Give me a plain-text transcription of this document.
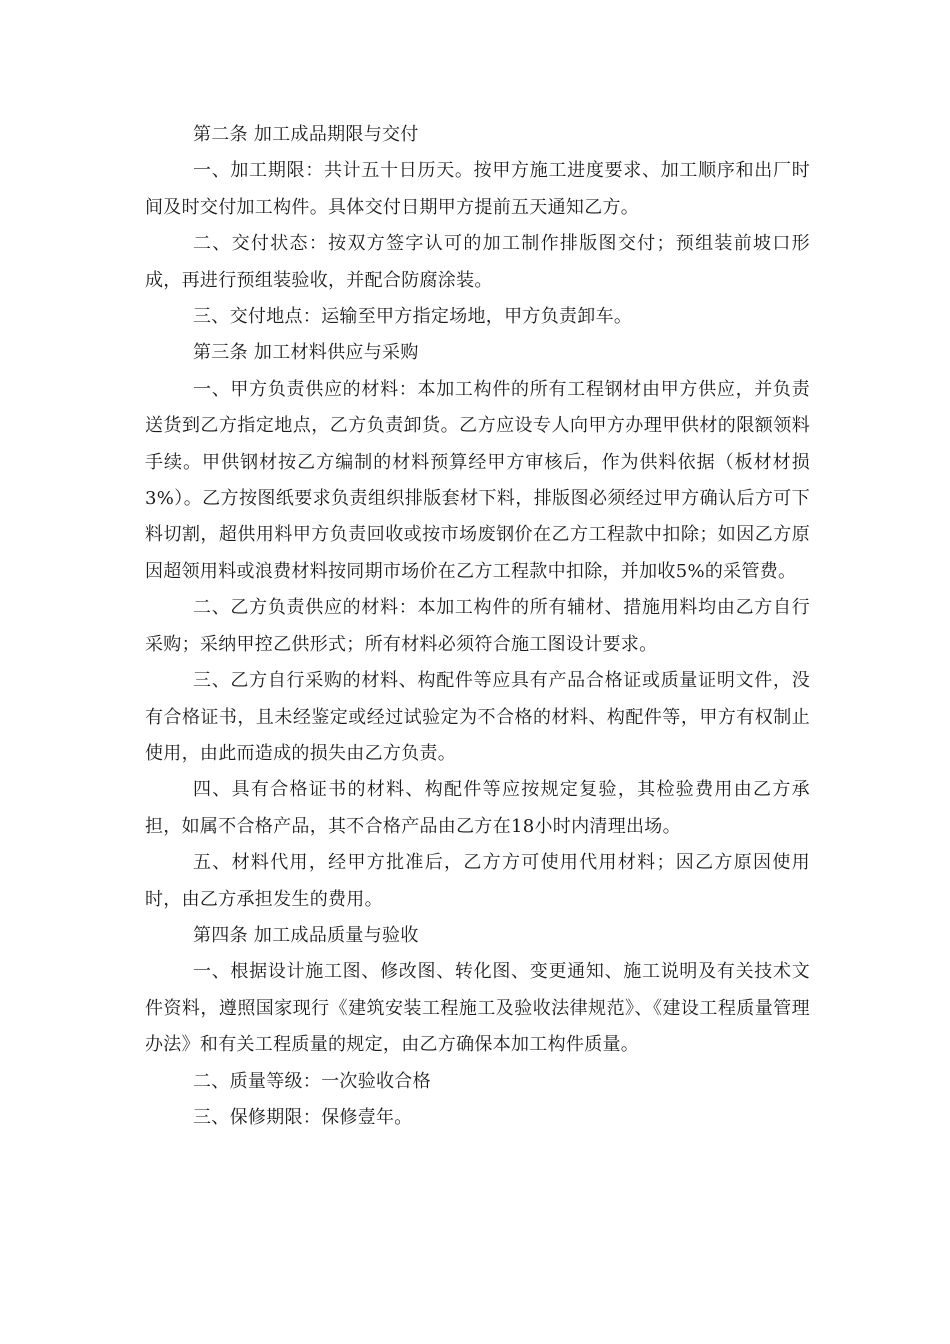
第二条 加工成品期限与交付

一、加工期限：共计五十日历天。按甲方施工进度要求、加工顺序和出厂时间及时交付加工构件。具体交付日期甲方提前五天通知乙方。

二、交付状态：按双方签字认可的加工制作排版图交付；预组装前坡口形成，再进行预组装验收，并配合防腐涂装。

三、交付地点：运输至甲方指定场地，甲方负责卸车。

第三条 加工材料供应与采购

一、甲方负责供应的材料：本加工构件的所有工程钢材由甲方供应，并负责送货到乙方指定地点，乙方负责卸货。乙方应设专人向甲方办理甲供材的限额领料手续。甲供钢材按乙方编制的材料预算经甲方审核后，作为供料依据（板材材损3%）。乙方按图纸要求负责组织排版套材下料，排版图必须经过甲方确认后方可下料切割，超供用料甲方负责回收或按市场废钢价在乙方工程款中扣除；如因乙方原因超领用料或浪费材料按同期市场价在乙方工程款中扣除，并加收5%的采管费。

二、乙方负责供应的材料：本加工构件的所有辅材、措施用料均由乙方自行采购；采纳甲控乙供形式；所有材料必须符合施工图设计要求。

三、乙方自行采购的材料、构配件等应具有产品合格证或质量证明文件，没有合格证书，且未经鉴定或经过试验定为不合格的材料、构配件等，甲方有权制止使用，由此而造成的损失由乙方负责。

四、具有合格证书的材料、构配件等应按规定复验，其检验费用由乙方承担，如属不合格产品，其不合格产品由乙方在18小时内清理出场。

五、材料代用，经甲方批准后，乙方方可使用代用材料；因乙方原因使用时，由乙方承担发生的费用。

第四条 加工成品质量与验收

一、根据设计施工图、修改图、转化图、变更通知、施工说明及有关技术文件资料，遵照国家现行《建筑安装工程施工及验收法律规范》、《建设工程质量管理办法》和有关工程质量的规定，由乙方确保本加工构件质量。

二、质量等级：一次验收合格

三、保修期限：保修壹年。
